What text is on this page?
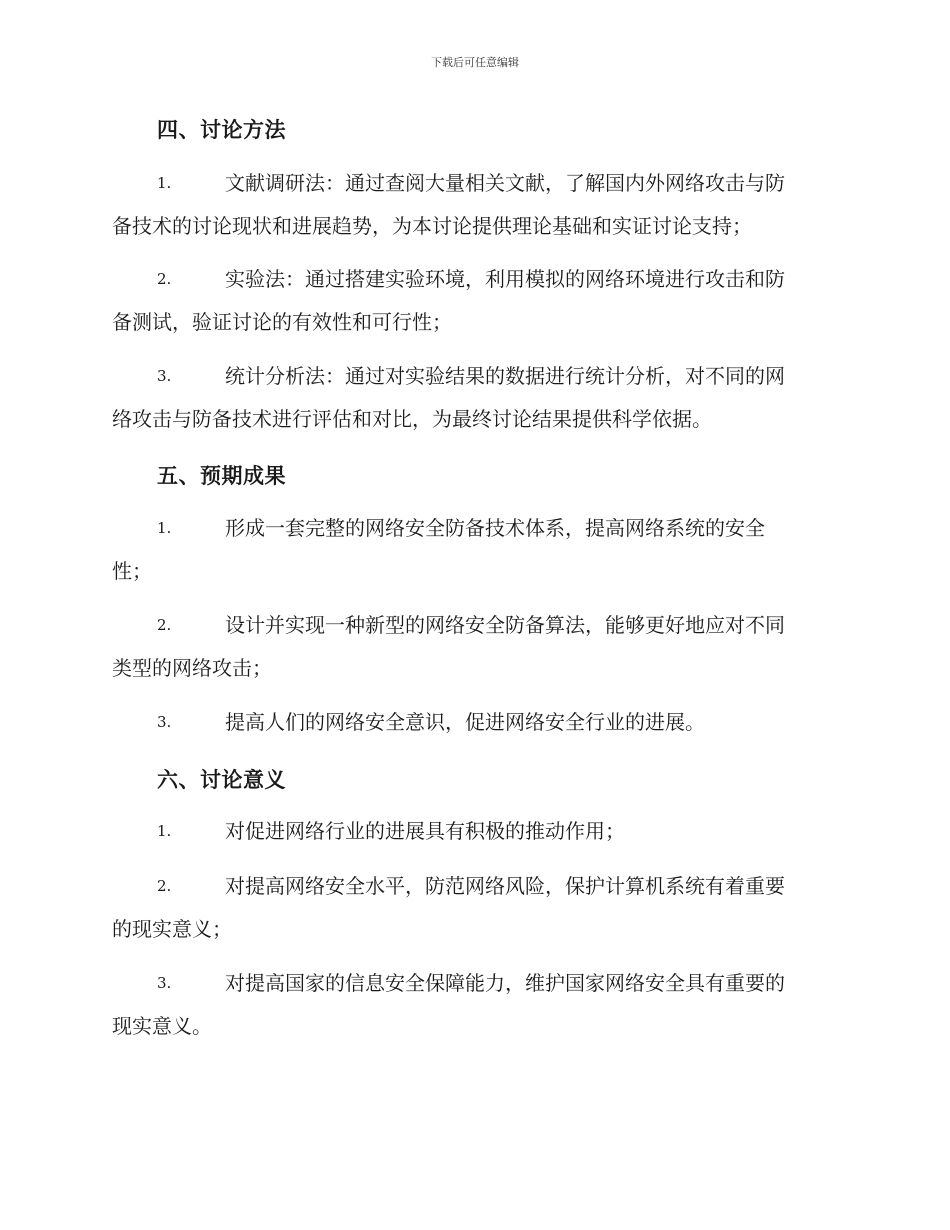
下载后可任意编辑
四、讨论方法
1.	文献调研法：通过查阅大量相关文献，了解国内外网络攻击与防
备技术的讨论现状和进展趋势，为本讨论提供理论基础和实证讨论支持；
2.	实验法：通过搭建实验环境，利用模拟的网络环境进行攻击和防
备测试，验证讨论的有效性和可行性；
3.	统计分析法：通过对实验结果的数据进行统计分析，对不同的网
络攻击与防备技术进行评估和对比，为最终讨论结果提供科学依据。
五、预期成果
1.	形成一套完整的网络安全防备技术体系，提高网络系统的安全
性；
2.	设计并实现一种新型的网络安全防备算法，能够更好地应对不同
类型的网络攻击；
3.	提高人们的网络安全意识，促进网络安全行业的进展。
六、讨论意义
1.	对促进网络行业的进展具有积极的推动作用；
2.	对提高网络安全水平，防范网络风险，保护计算机系统有着重要
的现实意义；
3.	对提高国家的信息安全保障能力，维护国家网络安全具有重要的
现实意义。
